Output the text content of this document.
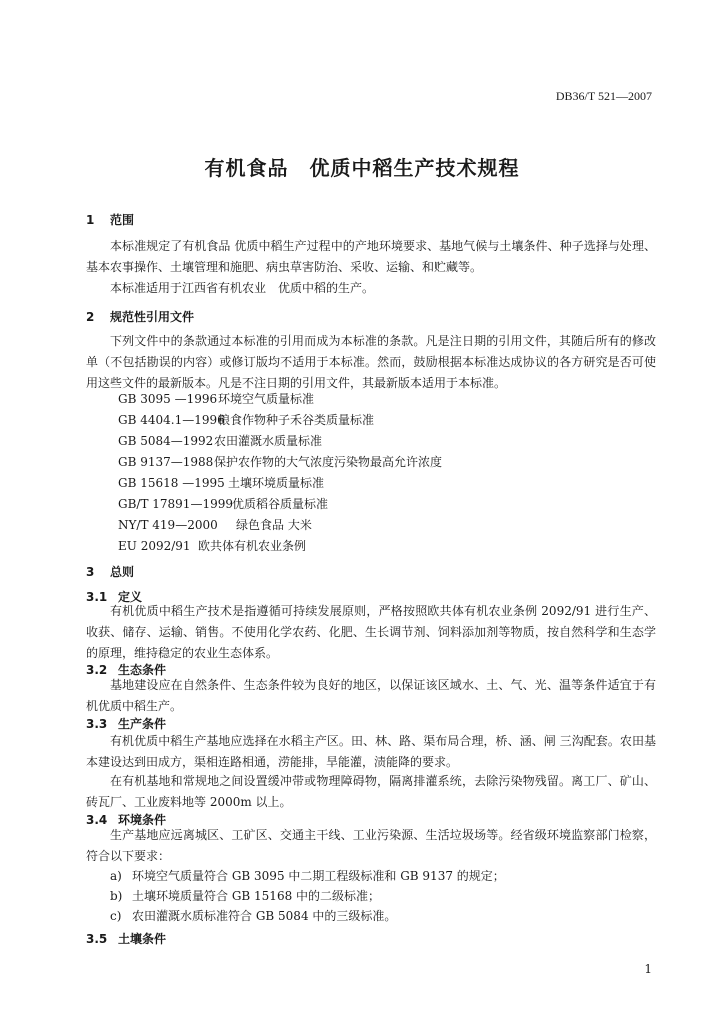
DB36/T 521—2007
有机食品　优质中稻生产技术规程
1 范围
本标准规定了有机食品 优质中稻生产过程中的产地环境要求、基地气候与土壤条件、种子选择与处理、基本农事操作、土壤管理和施肥、病虫草害防治、采收、运输、和贮藏等。
本标准适用于江西省有机农业　优质中稻的生产。
2 规范性引用文件
下列文件中的条款通过本标准的引用而成为本标准的条款。凡是注日期的引用文件，其随后所有的修改单（不包括勘误的内容）或修订版均不适用于本标准。然而，鼓励根据本标准达成协议的各方研究是否可使用这些文件的最新版本。凡是不注日期的引用文件，其最新版本适用于本标准。
GB 3095 —1996环境空气质量标准
GB 4404.1—1996粮食作物种子禾谷类质量标准
GB 5084—1992农田灌溉水质量标准
GB 9137—1988保护农作物的大气浓度污染物最高允许浓度
GB 15618 —1995 土壤环境质量标准
GB/T 17891—1999优质稻谷质量标准
NY/T 419—2000 绿色食品 大米
EU 2092/91 欧共体有机农业条例
3 总则
3.1 定义
有机优质中稻生产技术是指遵循可持续发展原则，严格按照欧共体有机农业条例 2092/91 进行生产、收获、储存、运输、销售。不使用化学农药、化肥、生长调节剂、饲料添加剂等物质，按自然科学和生态学的原理，维持稳定的农业生态体系。
3.2 生态条件
基地建设应在自然条件、生态条件较为良好的地区，以保证该区域水、土、气、光、温等条件适宜于有机优质中稻生产。
3.3 生产条件
有机优质中稻生产基地应选择在水稻主产区。田、林、路、渠布局合理，桥、涵、闸 三沟配套。农田基本建设达到田成方，渠相连路相通，涝能排，旱能灌，渍能降的要求。
在有机基地和常规地之间设置缓冲带或物理障碍物，隔离排灌系统，去除污染物残留。离工厂、矿山、砖瓦厂、工业废料地等 2000m 以上。
3.4 环境条件
生产基地应远离城区、工矿区、交通主干线、工业污染源、生活垃圾场等。经省级环境监察部门检察，符合以下要求：
a) 环境空气质量符合 GB 3095 中二期工程级标准和 GB 9137 的规定；
b) 土壤环境质量符合 GB 15168 中的二级标准；
c) 农田灌溉水质标准符合 GB 5084 中的三级标准。
3.5 土壤条件
1
